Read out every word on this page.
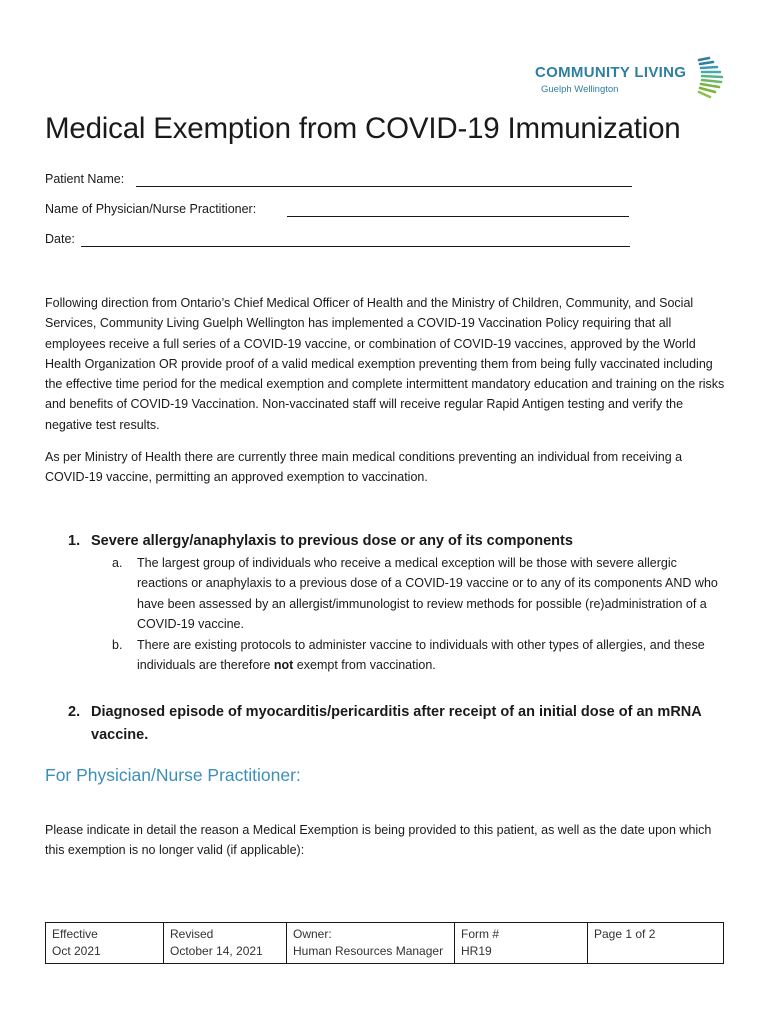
COMMUNITY LIVING
Guelph Wellington
Medical Exemption from COVID-19 Immunization
Patient Name:
Name of Physician/Nurse Practitioner:
Date:
Following direction from Ontario’s Chief Medical Officer of Health and the Ministry of Children, Community, and Social Services, Community Living Guelph Wellington has implemented a COVID-19 Vaccination Policy requiring that all employees receive a full series of a COVID-19 vaccine, or combination of COVID-19 vaccines, approved by the World Health Organization OR provide proof of a valid medical exemption preventing them from being fully vaccinated including the effective time period for the medical exemption and complete intermittent mandatory education and training on the risks and benefits of COVID-19 Vaccination. Non-vaccinated staff will receive regular Rapid Antigen testing and verify the negative test results.
As per Ministry of Health there are currently three main medical conditions preventing an individual from receiving a COVID-19 vaccine, permitting an approved exemption to vaccination.
1. Severe allergy/anaphylaxis to previous dose or any of its components
a. The largest group of individuals who receive a medical exception will be those with severe allergic reactions or anaphylaxis to a previous dose of a COVID-19 vaccine or to any of its components AND who have been assessed by an allergist/immunologist to review methods for possible (re)administration of a COVID-19 vaccine.
b. There are existing protocols to administer vaccine to individuals with other types of allergies, and these individuals are therefore not exempt from vaccination.
2. Diagnosed episode of myocarditis/pericarditis after receipt of an initial dose of an mRNA vaccine.
For Physician/Nurse Practitioner:
Please indicate in detail the reason a Medical Exemption is being provided to this patient, as well as the date upon which this exemption is no longer valid (if applicable):
Effective
Oct 2021

Revised
October 14, 2021

Owner:
Human Resources Manager

Form #
HR19

Page 1 of 2
